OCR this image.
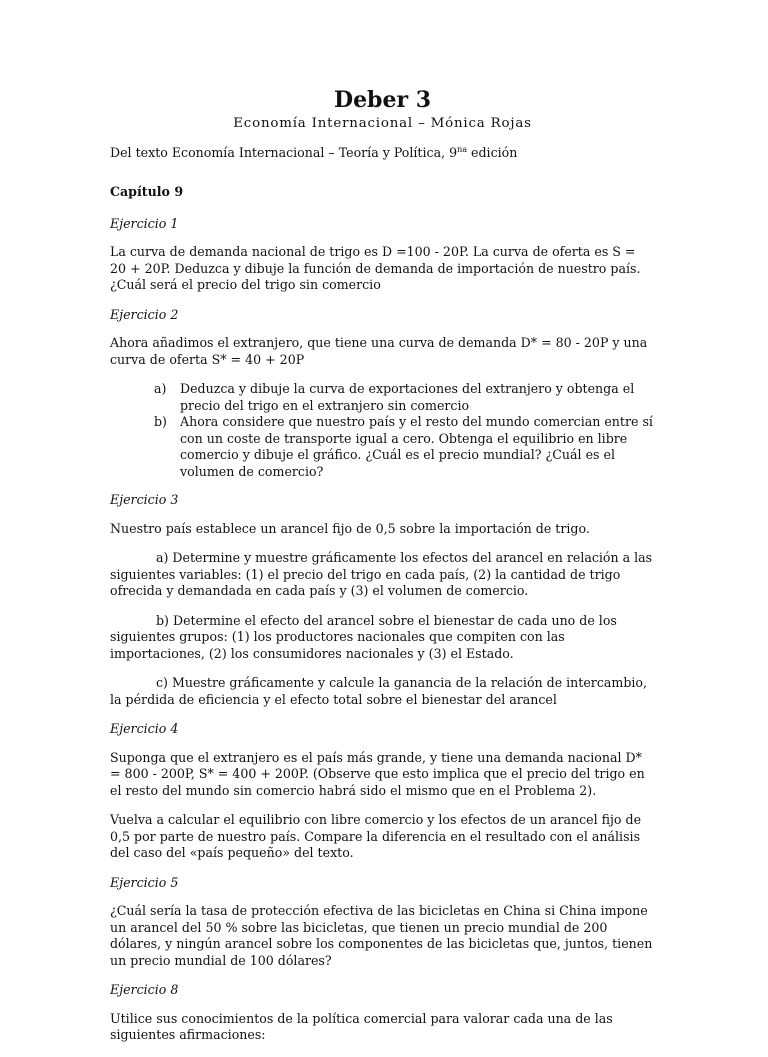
Deber 3
Economía Internacional – Mónica Rojas

Del texto Economía Internacional – Teoría y Política, $9^{na}$ edición

Capítulo 9
Ejercicio 1

La curva de demanda nacional de trigo es D =100 - 20P. La curva de oferta es S = 20 + 20P. Deduzca y dibuje la función de demanda de importación de nuestro país. ¿Cuál será el precio del trigo sin comercio

Ejercicio 2

Ahora añadimos el extranjero, que tiene una curva de demanda D* = 80 - 20P y una curva de oferta S* = 40 + 20P

a) Deduzca y dibuje la curva de exportaciones del extranjero y obtenga el precio del trigo en el extranjero sin comercio
b) Ahora considere que nuestro país y el resto del mundo comercian entre sí con un coste de transporte igual a cero. Obtenga el equilibrio en libre comercio y dibuje el gráfico. ¿Cuál es el precio mundial? ¿Cuál es el volumen de comercio?
Ejercicio 3

Nuestro país establece un arancel fijo de 0,5 sobre la importación de trigo.

a) Determine y muestre gráficamente los efectos del arancel en relación a las siguientes variables: (1) el precio del trigo en cada país, (2) la cantidad de trigo ofrecida y demandada en cada país y (3) el volumen de comercio.

b) Determine el efecto del arancel sobre el bienestar de cada uno de los siguientes grupos: (1) los productores nacionales que compiten con las importaciones, (2) los consumidores nacionales y (3) el Estado.

c) Muestre gráficamente y calcule la ganancia de la relación de intercambio, la pérdida de eficiencia y el efecto total sobre el bienestar del arancel

Ejercicio 4

Suponga que el extranjero es el país más grande, y tiene una demanda nacional D* = 800 - 200P, S* = 400 + 200P. (Observe que esto implica que el precio del trigo en el resto del mundo sin comercio habrá sido el mismo que en el Problema 2).

Vuelva a calcular el equilibrio con libre comercio y los efectos de un arancel fijo de 0,5 por parte de nuestro país. Compare la diferencia en el resultado con el análisis del caso del «país pequeño» del texto.

Ejercicio 5

¿Cuál sería la tasa de protección efectiva de las bicicletas en China si China impone un arancel del 50 % sobre las bicicletas, que tienen un precio mundial de 200 dólares, y ningún arancel sobre los componentes de las bicicletas que, juntos, tienen un precio mundial de 100 dólares?

Ejercicio 8

Utilice sus conocimientos de la política comercial para valorar cada una de las siguientes afirmaciones:
